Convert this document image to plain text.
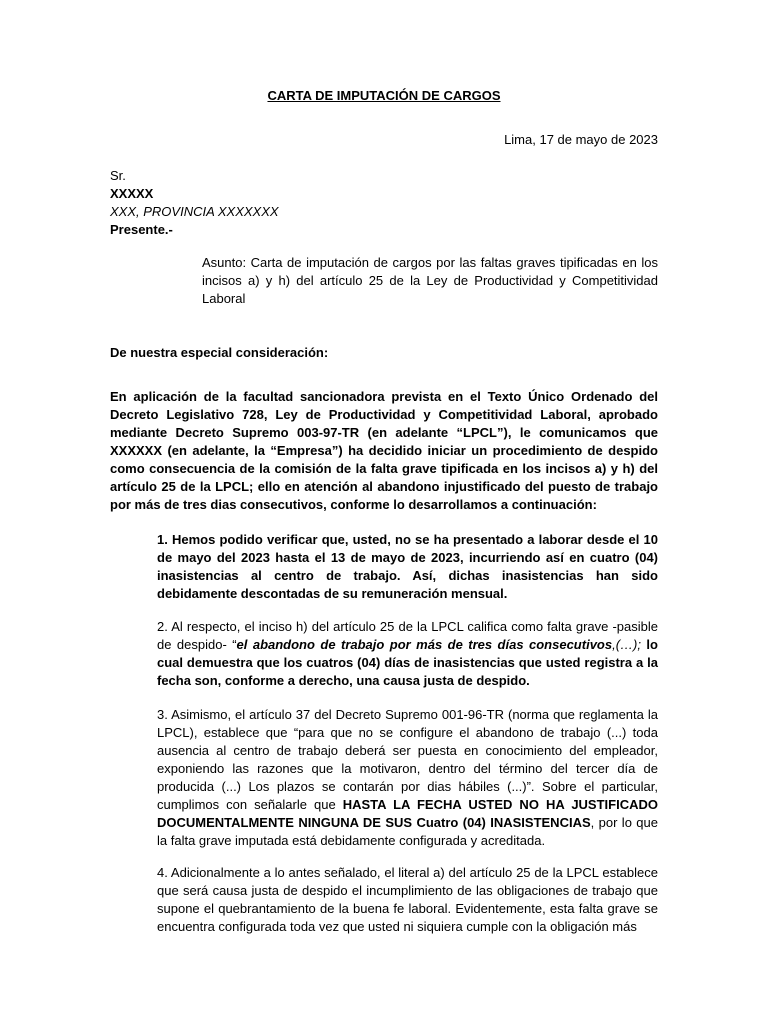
CARTA DE IMPUTACIÓN DE CARGOS
Lima, 17 de mayo de 2023
Sr.
XXXXX
XXX, PROVINCIA XXXXXXX
Presente.-
Asunto: Carta de imputación de cargos por las faltas graves tipificadas en los incisos a) y h) del artículo 25 de la Ley de Productividad y Competitividad Laboral
De nuestra especial consideración:
En aplicación de la facultad sancionadora prevista en el Texto Único Ordenado del Decreto Legislativo 728, Ley de Productividad y Competitividad Laboral, aprobado mediante Decreto Supremo 003-97-TR (en adelante “LPCL”), le comunicamos que XXXXXX (en adelante, la “Empresa”) ha decidido iniciar un procedimiento de despido como consecuencia de la comisión de la falta grave tipificada en los incisos a) y h) del artículo 25 de la LPCL; ello en atención al abandono injustificado del puesto de trabajo por más de tres dias consecutivos, conforme lo desarrollamos a continuación:
1. Hemos podido verificar que, usted, no se ha presentado a laborar desde el 10 de mayo del 2023 hasta el 13 de mayo de 2023, incurriendo así en cuatro (04) inasistencias al centro de trabajo. Así, dichas inasistencias han sido debidamente descontadas de su remuneración mensual.
2. Al respecto, el inciso h) del artículo 25 de la LPCL califica como falta grave -pasible de despido- “el abandono de trabajo por más de tres días consecutivos,(…); lo cual demuestra que los cuatros (04) días de inasistencias que usted registra a la fecha son, conforme a derecho, una causa justa de despido.
3. Asimismo, el artículo 37 del Decreto Supremo 001-96-TR (norma que reglamenta la LPCL), establece que “para que no se configure el abandono de trabajo (...) toda ausencia al centro de trabajo deberá ser puesta en conocimiento del empleador, exponiendo las razones que la motivaron, dentro del término del tercer día de producida (...) Los plazos se contarán por dias hábiles (...)”. Sobre el particular, cumplimos con señalarle que HASTA LA FECHA USTED NO HA JUSTIFICADO DOCUMENTALMENTE NINGUNA DE SUS Cuatro (04) INASISTENCIAS, por lo que la falta grave imputada está debidamente configurada y acreditada.
4. Adicionalmente a lo antes señalado, el literal a) del artículo 25 de la LPCL establece que será causa justa de despido el incumplimiento de las obligaciones de trabajo que supone el quebrantamiento de la buena fe laboral. Evidentemente, esta falta grave se encuentra configurada toda vez que usted ni siquiera cumple con la obligación más
